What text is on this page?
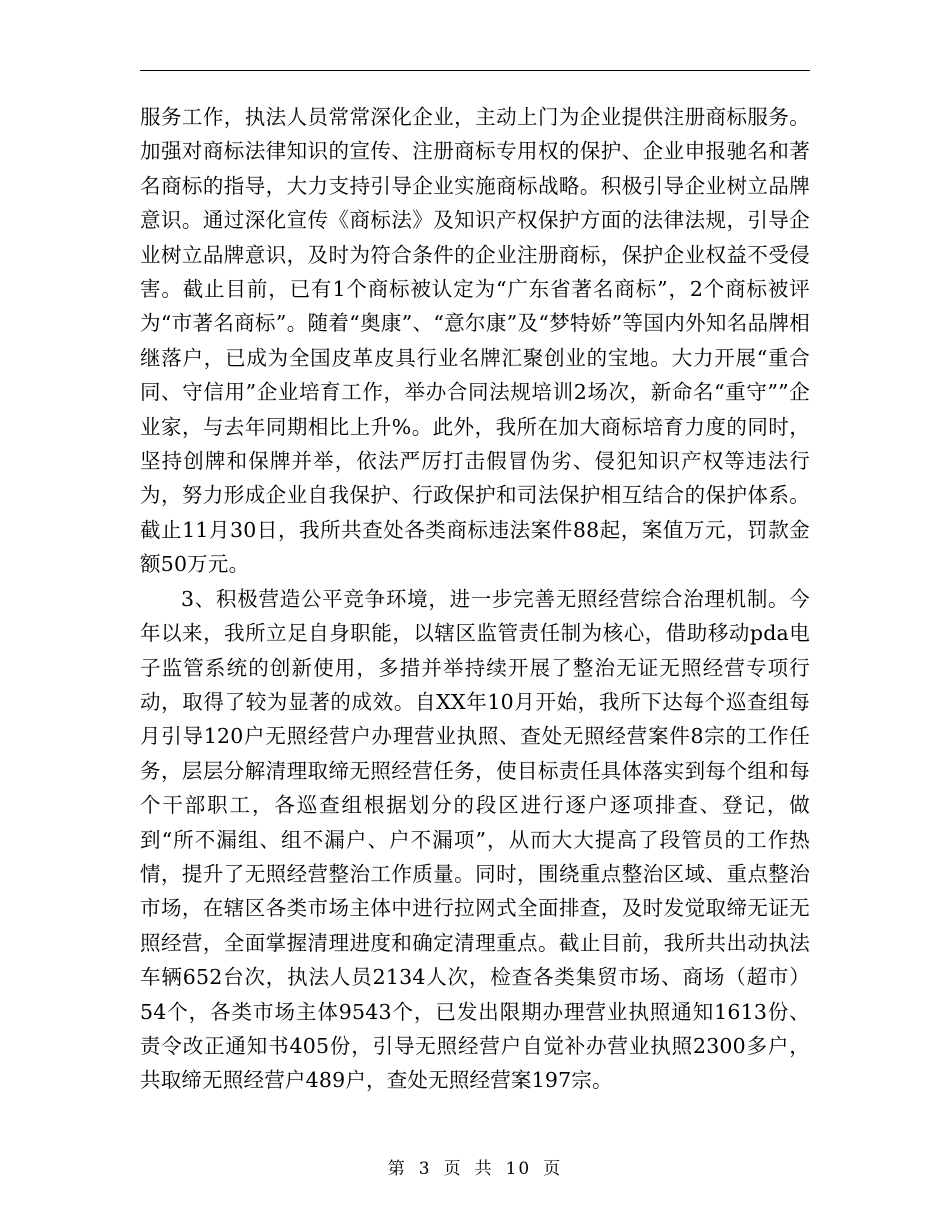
服务工作，执法人员常常深化企业，主动上门为企业提供注册商标服务。加强对商标法律知识的宣传、注册商标专用权的保护、企业申报驰名和著名商标的指导，大力支持引导企业实施商标战略。积极引导企业树立品牌意识。通过深化宣传《商标法》及知识产权保护方面的法律法规，引导企业树立品牌意识，及时为符合条件的企业注册商标，保护企业权益不受侵害。截止目前，已有1个商标被认定为“广东省著名商标”，2个商标被评为“市著名商标”。随着“奥康”、“意尔康”及“梦特娇”等国内外知名品牌相继落户，已成为全国皮革皮具行业名牌汇聚创业的宝地。大力开展“重合同、守信用”企业培育工作，举办合同法规培训2场次，新命名“重守””企业家，与去年同期相比上升%。此外，我所在加大商标培育力度的同时，坚持创牌和保牌并举，依法严厉打击假冒伪劣、侵犯知识产权等违法行为，努力形成企业自我保护、行政保护和司法保护相互结合的保护体系。截止11月30日，我所共查处各类商标违法案件88起，案值万元，罚款金额50万元。

3、积极营造公平竞争环境，进一步完善无照经营综合治理机制。今年以来，我所立足自身职能，以辖区监管责任制为核心，借助移动pda电子监管系统的创新使用，多措并举持续开展了整治无证无照经营专项行动，取得了较为显著的成效。自XX年10月开始，我所下达每个巡查组每月引导120户无照经营户办理营业执照、查处无照经营案件8宗的工作任务，层层分解清理取缔无照经营任务，使目标责任具体落实到每个组和每个干部职工，各巡查组根据划分的段区进行逐户逐项排查、登记，做到“所不漏组、组不漏户、户不漏项”，从而大大提高了段管员的工作热情，提升了无照经营整治工作质量。同时，围绕重点整治区域、重点整治市场，在辖区各类市场主体中进行拉网式全面排查，及时发觉取缔无证无照经营，全面掌握清理进度和确定清理重点。截止目前，我所共出动执法车辆652台次，执法人员2134人次，检查各类集贸市场、商场（超市）54个，各类市场主体9543个，已发出限期办理营业执照通知1613份、责令改正通知书405份，引导无照经营户自觉补办营业执照2300多户，共取缔无照经营户489户，查处无照经营案197宗。

第 3 页 共 10 页
